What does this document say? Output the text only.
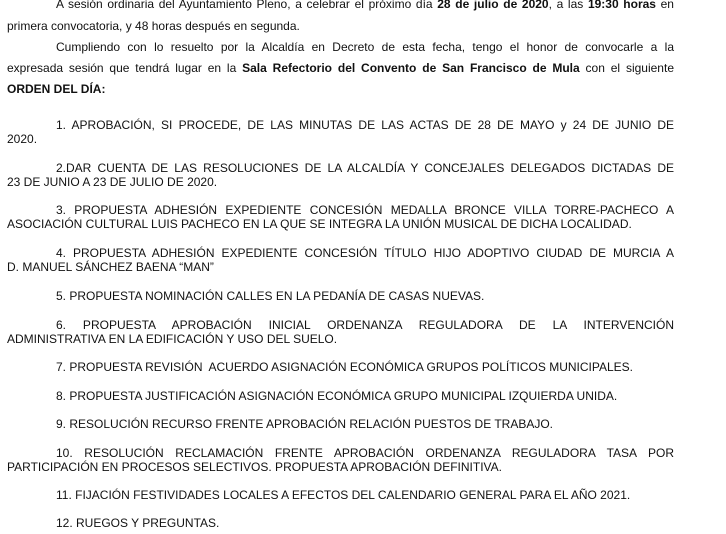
A sesión ordinaria del Ayuntamiento Pleno, a celebrar el próximo día 28 de julio de 2020, a las 19:30 horas en
primera convocatoria, y 48 horas después en segunda.
Cumpliendo con lo resuelto por la Alcaldía en Decreto de esta fecha, tengo el honor de convocarle a la
expresada sesión que tendrá lugar en la Sala Refectorio del Convento de San Francisco de Mula con el siguiente
ORDEN DEL DÍA:
1. APROBACIÓN, SI PROCEDE, DE LAS MINUTAS DE LAS ACTAS DE 28 DE MAYO y 24 DE JUNIO DE
2020.
2.DAR CUENTA DE LAS RESOLUCIONES DE LA ALCALDÍA Y CONCEJALES DELEGADOS DICTADAS DE
23 DE JUNIO A 23 DE JULIO DE 2020.
3. PROPUESTA ADHESIÓN EXPEDIENTE CONCESIÓN MEDALLA BRONCE VILLA TORRE-PACHECO A
ASOCIACIÓN CULTURAL LUIS PACHECO EN LA QUE SE INTEGRA LA UNIÓN MUSICAL DE DICHA LOCALIDAD.
4. PROPUESTA ADHESIÓN EXPEDIENTE CONCESIÓN TÍTULO HIJO ADOPTIVO CIUDAD DE MURCIA A
D. MANUEL SÁNCHEZ BAENA “MAN”
5. PROPUESTA NOMINACIÓN CALLES EN LA PEDANÍA DE CASAS NUEVAS.
6. PROPUESTA APROBACIÓN INICIAL ORDENANZA REGULADORA DE LA INTERVENCIÓN
ADMINISTRATIVA EN LA EDIFICACIÓN Y USO DEL SUELO.
7. PROPUESTA REVISIÓN  ACUERDO ASIGNACIÓN ECONÓMICA GRUPOS POLÍTICOS MUNICIPALES.
8. PROPUESTA JUSTIFICACIÓN ASIGNACIÓN ECONÓMICA GRUPO MUNICIPAL IZQUIERDA UNIDA.
9. RESOLUCIÓN RECURSO FRENTE APROBACIÓN RELACIÓN PUESTOS DE TRABAJO.
10. RESOLUCIÓN RECLAMACIÓN FRENTE APROBACIÓN ORDENANZA REGULADORA TASA POR
PARTICIPACIÓN EN PROCESOS SELECTIVOS. PROPUESTA APROBACIÓN DEFINITIVA.
11. FIJACIÓN FESTIVIDADES LOCALES A EFECTOS DEL CALENDARIO GENERAL PARA EL AÑO 2021.
12. RUEGOS Y PREGUNTAS.
